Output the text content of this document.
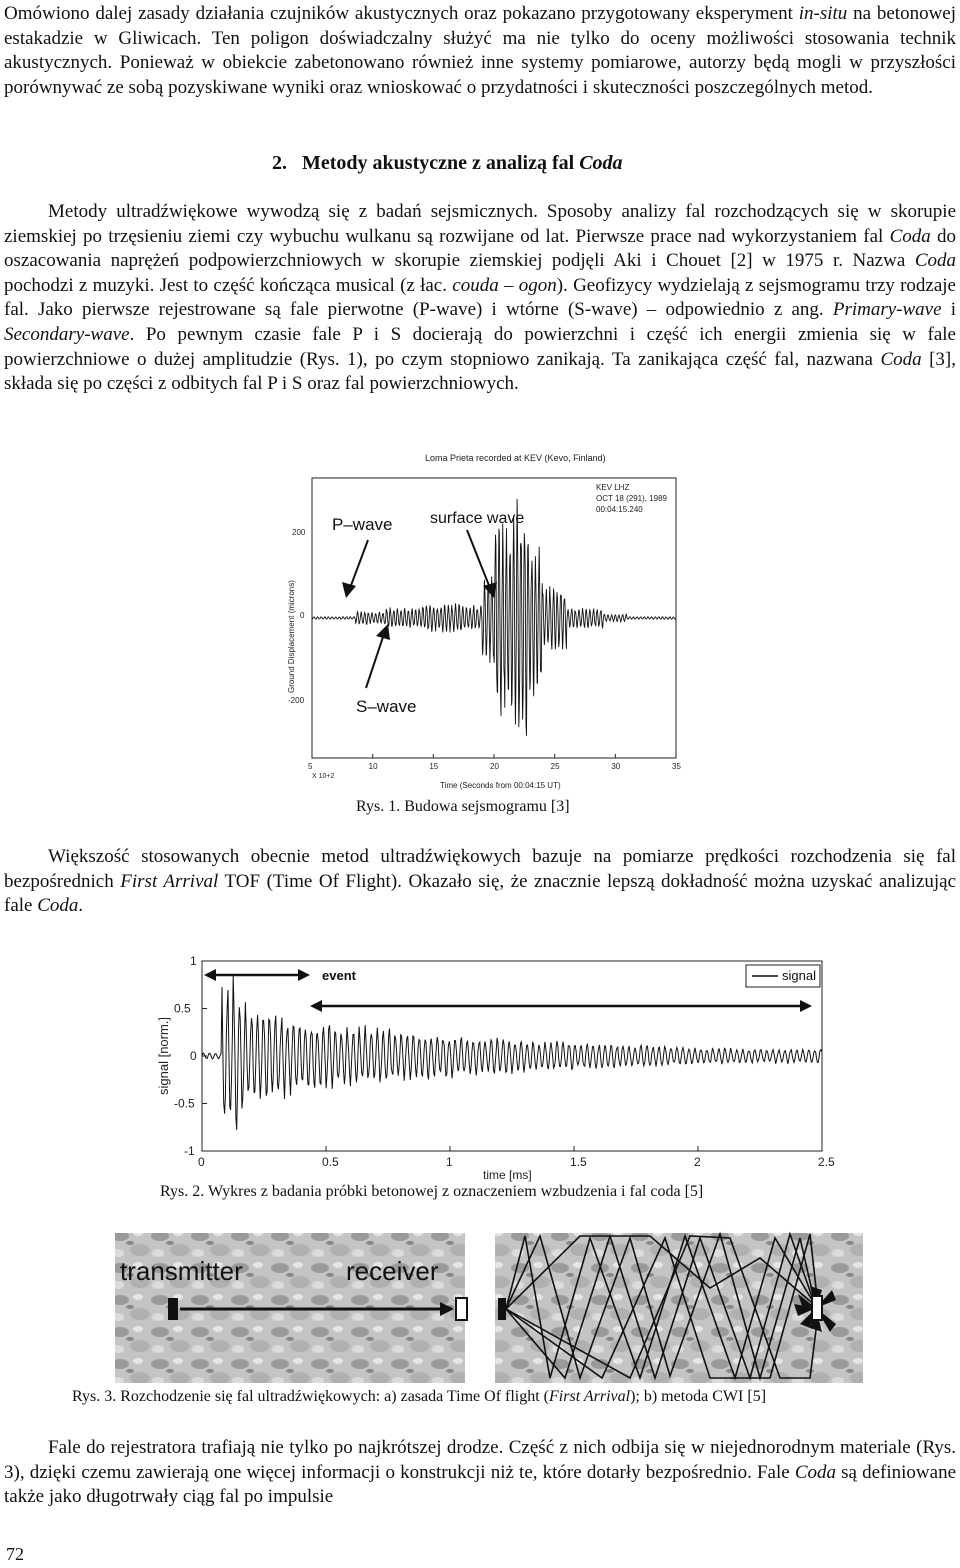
Omówiono dalej zasady działania czujników akustycznych oraz pokazano przygotowany eksperyment in-situ na betonowej estakadzie w Gliwicach. Ten poligon doświadczalny służyć ma nie tylko do oceny możliwości stosowania technik akustycznych. Ponieważ w obiekcie zabetonowano również inne systemy pomiarowe, autorzy będą mogli w przyszłości porównywać ze sobą pozyskiwane wyniki oraz wnioskować o przydatności i skuteczności poszczególnych metod.

2. Metody akustyczne z analizą fal Coda

Metody ultradźwiękowe wywodzą się z badań sejsmicznych. Sposoby analizy fal rozchodzących się w skorupie ziemskiej po trzęsieniu ziemi czy wybuchu wulkanu są rozwijane od lat. Pierwsze prace nad wykorzystaniem fal Coda do oszacowania naprężeń podpowierzchniowych w skorupie ziemskiej podjęli Aki i Chouet [2] w 1975 r. Nazwa Coda pochodzi z muzyki. Jest to część kończąca musical (z łac. couda – ogon). Geofizycy wydzielają z sejsmogramu trzy rodzaje fal. Jako pierwsze rejestrowane są fale pierwotne (P-wave) i wtórne (S-wave) – odpowiednio z ang. Primary-wave i Secondary-wave. Po pewnym czasie fale P i S docierają do powierzchni i część ich energii zmienia się w fale powierzchniowe o dużej amplitudzie (Rys. 1), po czym stopniowo zanikają. Ta zanikająca część fal, nazwana Coda [3], składa się po części z odbitych fal P i S oraz fal powierzchniowych.

Loma Prieta recorded at KEV (Kevo, Finland)
KEV LHZ
OCT 18 (291), 1989
00:04:15.240
Ground Displacement (microns)
200
0
-200
5	10	15	20	25	30	35
X 10+2
Time (Seconds from 00:04:15 UT)
P–wave surface wave
S–wave
Rys. 1. Budowa sejsmogramu [3]

Większość stosowanych obecnie metod ultradźwiękowych bazuje na pomiarze prędkości rozchodzenia się fal bezpośrednich First Arrival TOF (Time Of Flight). Okazało się, że znacznie lepszą dokładność można uzyskać analizując fale Coda.

1
0.5
0
-0.5
-1
0	0.5	1	1.5	2	2.5
signal [norm.]
time [ms]
event	signal
Rys. 2. Wykres z badania próbki betonowej z oznaczeniem wzbudzenia i fal coda [5]
transmitter	receiver
Rys. 3. Rozchodzenie się fal ultradźwiękowych: a) zasada Time Of flight (First Arrival); b) metoda CWI [5]

Fale do rejestratora trafiają nie tylko po najkrótszej drodze. Część z nich odbija się w niejednorodnym materiale (Rys. 3), dzięki czemu zawierają one więcej informacji o konstrukcji niż te, które dotarły bezpośrednio. Fale Coda są definiowane także jako długotrwały ciąg fal po impulsie

72
